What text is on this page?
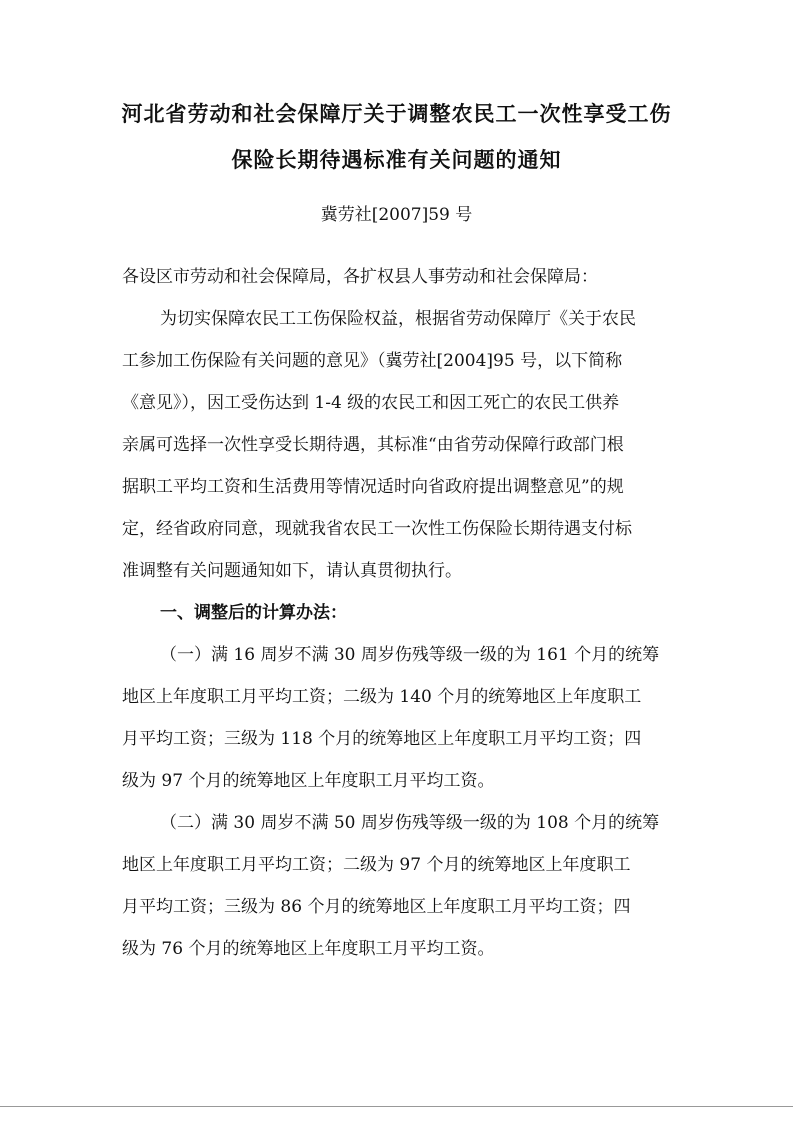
河北省劳动和社会保障厅关于调整农民工一次性享受工伤
保险长期待遇标准有关问题的通知

冀劳社[2007]59 号

各设区市劳动和社会保障局，各扩权县人事劳动和社会保障局：

为切实保障农民工工伤保险权益，根据省劳动保障厅《关于农民

工参加工伤保险有关问题的意见》（冀劳社[2004]95 号，以下简称

《意见》），因工受伤达到 1-4 级的农民工和因工死亡的农民工供养

亲属可选择一次性享受长期待遇，其标准“由省劳动保障行政部门根

据职工平均工资和生活费用等情况适时向省政府提出调整意见”的规

定，经省政府同意，现就我省农民工一次性工伤保险长期待遇支付标

准调整有关问题通知如下，请认真贯彻执行。

一、调整后的计算办法：

（一）满 16 周岁不满 30 周岁伤残等级一级的为 161 个月的统筹

地区上年度职工月平均工资；二级为 140 个月的统筹地区上年度职工

月平均工资；三级为 118 个月的统筹地区上年度职工月平均工资；四

级为 97 个月的统筹地区上年度职工月平均工资。

（二）满 30 周岁不满 50 周岁伤残等级一级的为 108 个月的统筹

地区上年度职工月平均工资；二级为 97 个月的统筹地区上年度职工

月平均工资；三级为 86 个月的统筹地区上年度职工月平均工资；四

级为 76 个月的统筹地区上年度职工月平均工资。
